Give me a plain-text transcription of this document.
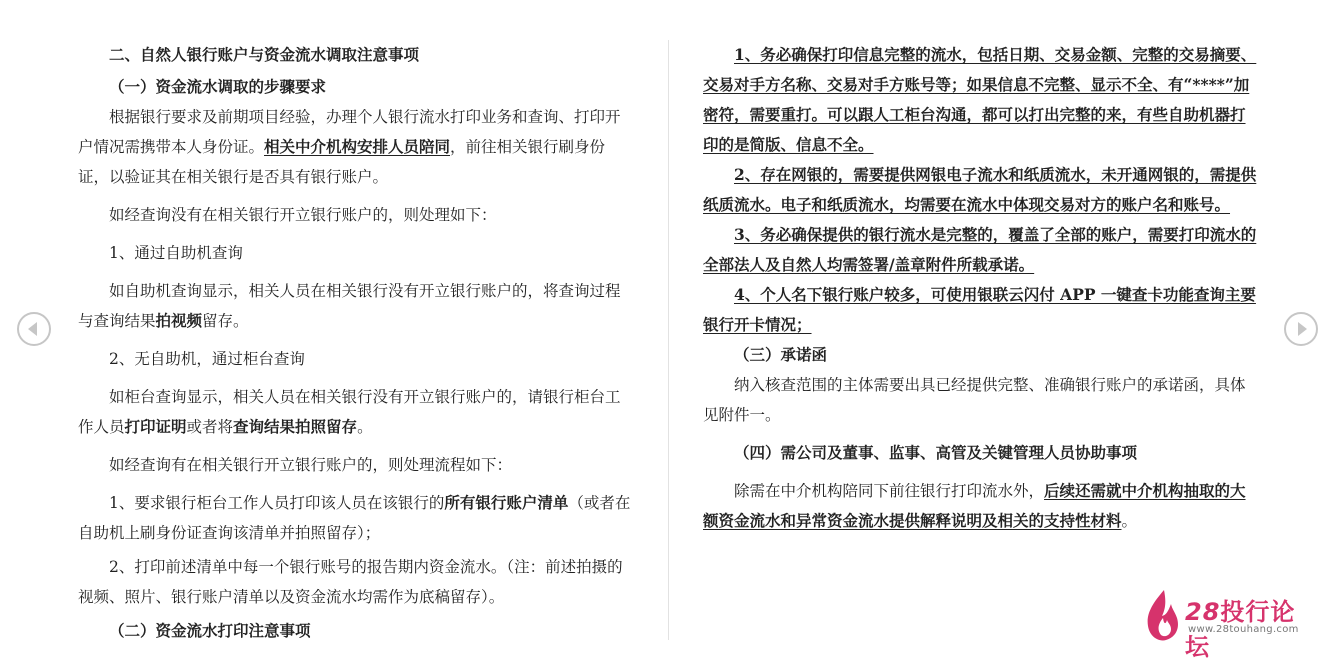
二、自然人银行账户与资金流水调取注意事项

（一）资金流水调取的步骤要求

根据银行要求及前期项目经验，办理个人银行流水打印业务和查询、打印开户情况需携带本人身份证。相关中介机构安排人员陪同，前往相关银行刷身份证，以验证其在相关银行是否具有银行账户。

如经查询没有在相关银行开立银行账户的，则处理如下：

1、通过自助机查询

如自助机查询显示，相关人员在相关银行没有开立银行账户的，将查询过程与查询结果拍视频留存。

2、无自助机，通过柜台查询

如柜台查询显示，相关人员在相关银行没有开立银行账户的，请银行柜台工作人员打印证明或者将查询结果拍照留存。

如经查询有在相关银行开立银行账户的，则处理流程如下：

1、要求银行柜台工作人员打印该人员在该银行的所有银行账户清单（或者在自助机上刷身份证查询该清单并拍照留存）；

2、打印前述清单中每一个银行账号的报告期内资金流水。（注：前述拍摄的视频、照片、银行账户清单以及资金流水均需作为底稿留存）。

（二）资金流水打印注意事项

1、务必确保打印信息完整的流水，包括日期、交易金额、完整的交易摘要、交易对手方名称、交易对手方账号等；如果信息不完整、显示不全、有“****”加密符，需要重打。可以跟人工柜台沟通，都可以打出完整的来，有些自助机器打印的是简版、信息不全。

2、存在网银的，需要提供网银电子流水和纸质流水，未开通网银的，需提供纸质流水。电子和纸质流水，均需要在流水中体现交易对方的账户名和账号。

3、务必确保提供的银行流水是完整的，覆盖了全部的账户，需要打印流水的全部法人及自然人均需签署/盖章附件所载承诺。

4、个人名下银行账户较多，可使用银联云闪付 APP 一键查卡功能查询主要银行开卡情况；

（三）承诺函

纳入核查范围的主体需要出具已经提供完整、准确银行账户的承诺函，具体见附件一。

（四）需公司及董事、监事、高管及关键管理人员协助事项

除需在中介机构陪同下前往银行打印流水外，后续还需就中介机构抽取的大额资金流水和异常资金流水提供解释说明及相关的支持性材料。

28投行论坛
www.28touhang.com
